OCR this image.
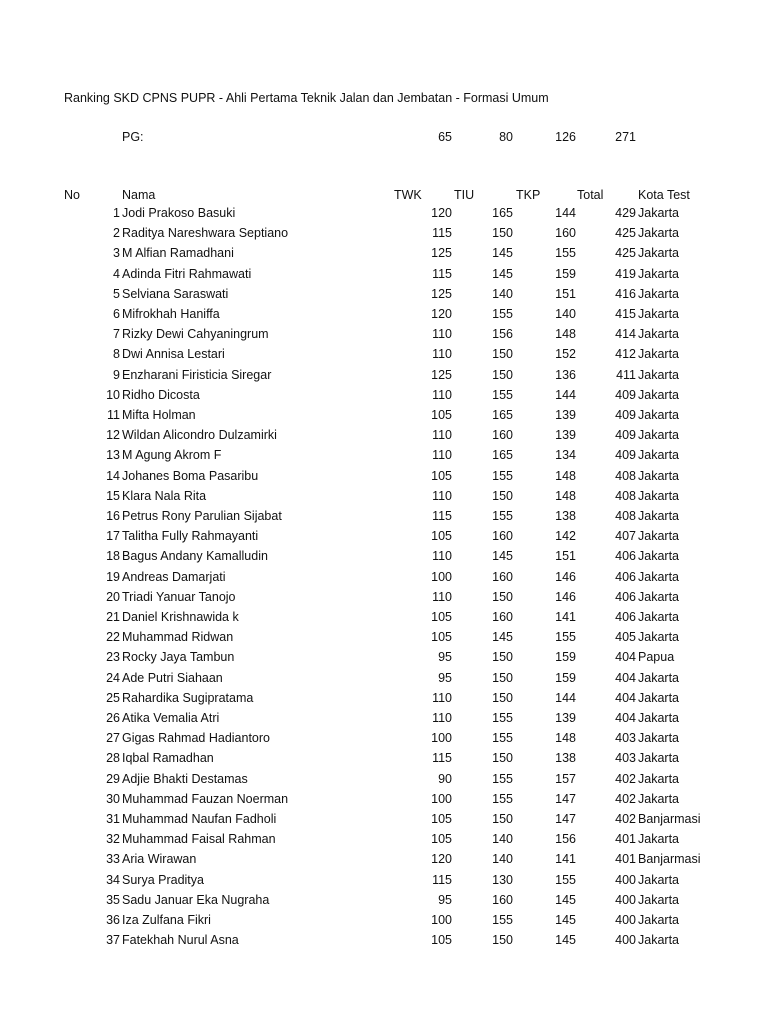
Ranking SKD CPNS PUPR - Ahli Pertama Teknik Jalan dan Jembatan - Formasi Umum
PG:	65	80	126	271
No	Nama	TWK	TIU	TKP	Total	Kota Test
1 Jodi Prakoso Basuki	120	165	144	429 Jakarta
2 Raditya Nareshwara Septiano	115	150	160	425 Jakarta
3 M Alfian Ramadhani	125	145	155	425 Jakarta
4 Adinda Fitri Rahmawati	115	145	159	419 Jakarta
5 Selviana Saraswati	125	140	151	416 Jakarta
6 Mifrokhah Haniffa	120	155	140	415 Jakarta
7 Rizky Dewi Cahyaningrum	110	156	148	414 Jakarta
8 Dwi Annisa Lestari	110	150	152	412 Jakarta
9 Enzharani Firisticia Siregar	125	150	136	411 Jakarta
10 Ridho Dicosta	110	155	144	409 Jakarta
11 Mifta Holman	105	165	139	409 Jakarta
12 Wildan Alicondro Dulzamirki	110	160	139	409 Jakarta
13 M Agung Akrom F	110	165	134	409 Jakarta
14 Johanes Boma Pasaribu	105	155	148	408 Jakarta
15 Klara Nala Rita	110	150	148	408 Jakarta
16 Petrus Rony Parulian Sijabat	115	155	138	408 Jakarta
17 Talitha Fully Rahmayanti	105	160	142	407 Jakarta
18 Bagus Andany Kamalludin	110	145	151	406 Jakarta
19 Andreas Damarjati	100	160	146	406 Jakarta
20 Triadi Yanuar Tanojo	110	150	146	406 Jakarta
21 Daniel Krishnawida k	105	160	141	406 Jakarta
22 Muhammad Ridwan	105	145	155	405 Jakarta
23 Rocky Jaya Tambun	95	150	159	404 Papua
24 Ade Putri Siahaan	95	150	159	404 Jakarta
25 Rahardika Sugipratama	110	150	144	404 Jakarta
26 Atika Vemalia Atri	110	155	139	404 Jakarta
27 Gigas Rahmad Hadiantoro	100	155	148	403 Jakarta
28 Iqbal Ramadhan	115	150	138	403 Jakarta
29 Adjie Bhakti Destamas	90	155	157	402 Jakarta
30 Muhammad Fauzan Noerman	100	155	147	402 Jakarta
31 Muhammad Naufan Fadholi	105	150	147	402 Banjarmasi
32 Muhammad Faisal Rahman	105	140	156	401 Jakarta
33 Aria Wirawan	120	140	141	401 Banjarmasi
34 Surya Praditya	115	130	155	400 Jakarta
35 Sadu Januar Eka Nugraha	95	160	145	400 Jakarta
36 Iza Zulfana Fikri	100	155	145	400 Jakarta
37 Fatekhah Nurul Asna	105	150	145	400 Jakarta
